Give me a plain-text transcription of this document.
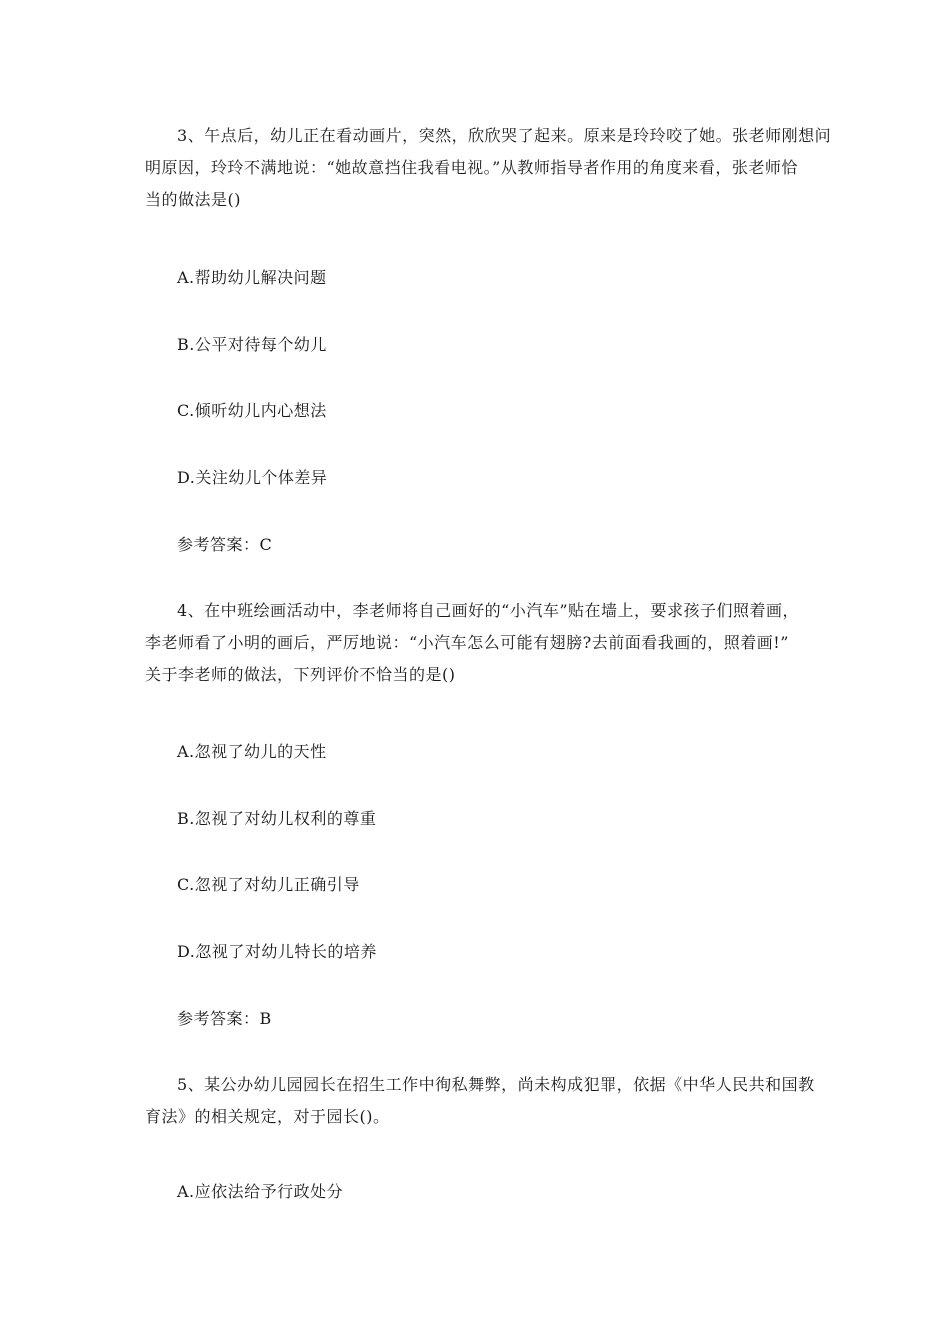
3、午点后，幼儿正在看动画片，突然，欣欣哭了起来。原来是玲玲咬了她。张老师刚想问
明原因，玲玲不满地说：“她故意挡住我看电视。”从教师指导者作用的角度来看，张老师恰
当的做法是()
A.帮助幼儿解决问题
B.公平对待每个幼儿
C.倾听幼儿内心想法
D.关注幼儿个体差异
参考答案：C
4、在中班绘画活动中，李老师将自己画好的“小汽车”贴在墙上，要求孩子们照着画，
李老师看了小明的画后，严厉地说：“小汽车怎么可能有翅膀?去前面看我画的，照着画!”
关于李老师的做法，下列评价不恰当的是()
A.忽视了幼儿的天性
B.忽视了对幼儿权利的尊重
C.忽视了对幼儿正确引导
D.忽视了对幼儿特长的培养
参考答案：B
5、某公办幼儿园园长在招生工作中徇私舞弊，尚未构成犯罪，依据《中华人民共和国教
育法》的相关规定，对于园长()。
A.应依法给予行政处分
